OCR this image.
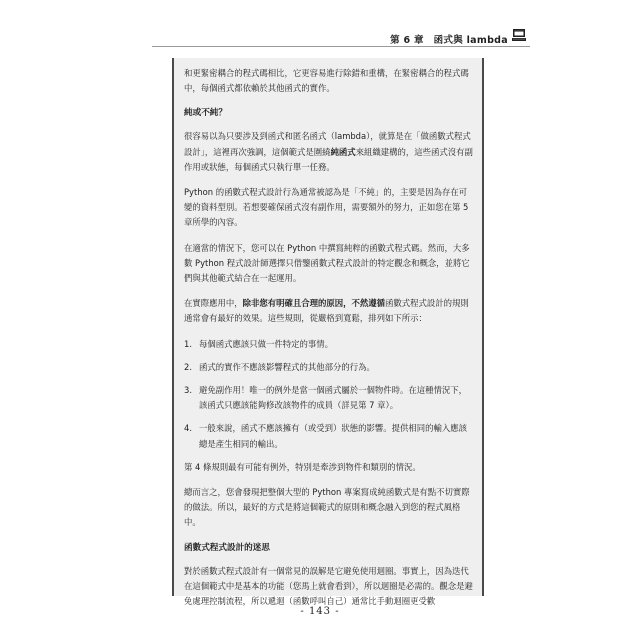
第 6 章　函式與 lambda

和更緊密耦合的程式碼相比，它更容易進行除錯和重構，在緊密耦合的程式碼中，每個函式都依賴於其他函式的實作。

純或不純？

很容易以為只要涉及到函式和匿名函式（lambda），就算是在「做函數式程式設計」，這裡再次強調，這個範式是圍繞純函式來組織建構的，這些函式沒有副作用或狀態，每個函式只執行單一任務。

Python 的函數式程式設計行為通常被認為是「不純」的，主要是因為存在可變的資料型別。若想要確保函式沒有副作用，需要額外的努力，正如您在第 5 章所學的內容。

在適當的情況下，您可以在 Python 中撰寫純粹的函數式程式碼。然而，大多數 Python 程式設計師選擇只借鑒函數式程式設計的特定觀念和概念，並將它們與其他範式結合在一起運用。

在實際應用中，除非您有明確且合理的原因，不然遵循函數式程式設計的規則通常會有最好的效果。這些規則，從嚴格到寬鬆，排列如下所示：

1. 每個函式應該只做一件特定的事情。
2. 函式的實作不應該影響程式的其他部分的行為。
3. 避免副作用！唯一的例外是當一個函式屬於一個物件時。在這種情況下，該函式只應該能夠修改該物件的成員（詳見第 7 章）。
4. 一般來說，函式不應該擁有（或受到）狀態的影響。提供相同的輸入應該總是產生相同的輸出。

第 4 條規則最有可能有例外，特別是牽涉到物件和類別的情況。

總而言之，您會發現把整個大型的 Python 專案寫成純函數式是有點不切實際的做法。所以，最好的方式是將這個範式的原則和概念融入到您的程式風格中。

函數式程式設計的迷思

對於函數式程式設計有一個常見的誤解是它避免使用迴圈。事實上，因為迭代在這個範式中是基本的功能（您馬上就會看到），所以迴圈是必需的。觀念是避免處理控制流程，所以遞迴（函數呼叫自己）通常比手動迴圈更受歡

- 143 -
